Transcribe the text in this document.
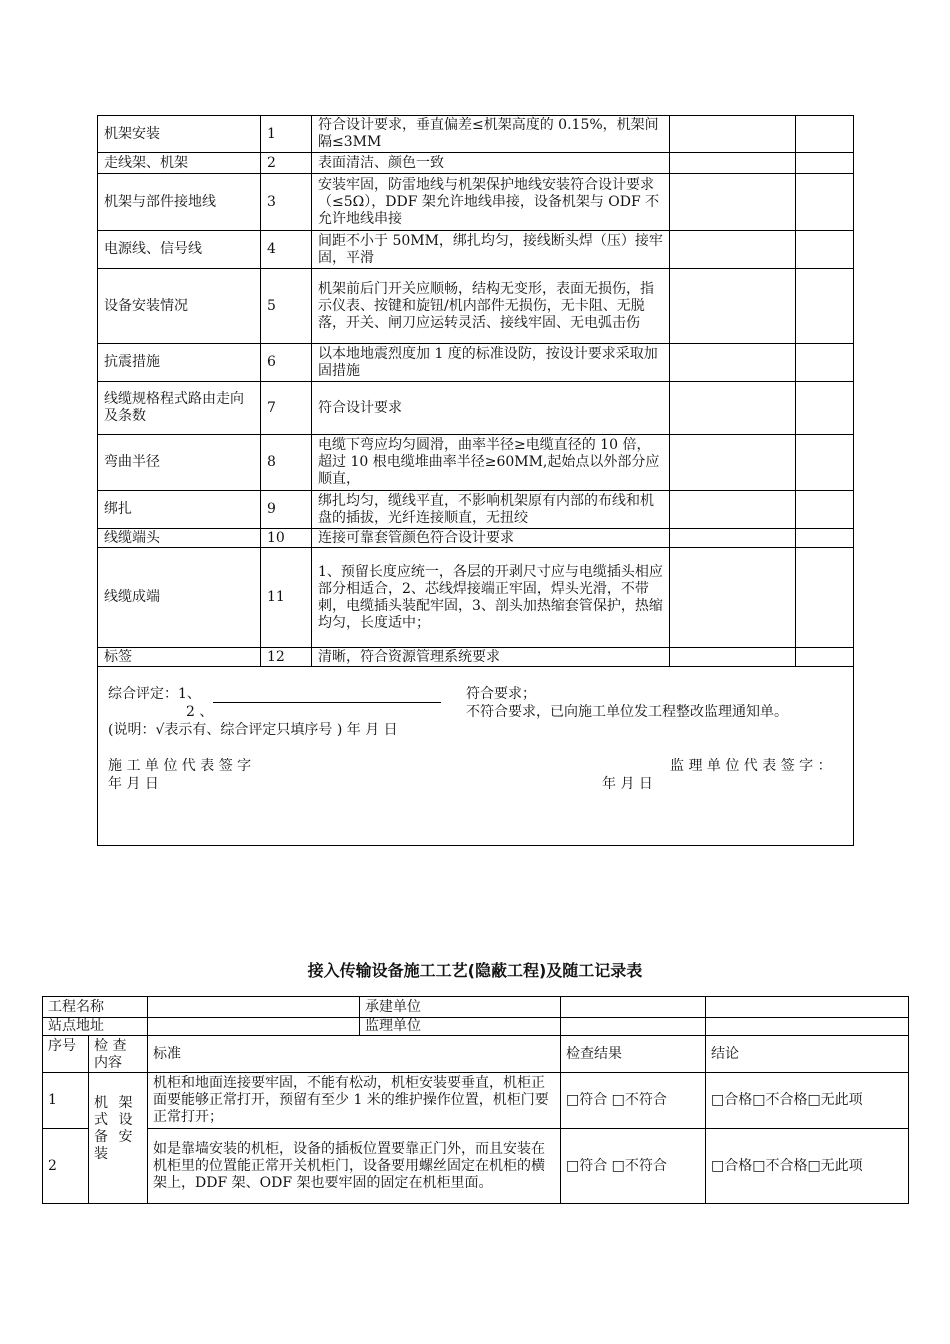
机架安装	1	符合设计要求，垂直偏差≤机架高度的 0.15%，机架间隔≤3MM		
走线架、机架	2	表面清洁、颜色一致		
机架与部件接地线	3	安装牢固，防雷地线与机架保护地线安装符合设计要求（≤5Ω），DDF 架允许地线串接，设备机架与 ODF 不允许地线串接		
电源线、信号线	4	间距不小于 50MM，绑扎均匀，接线断头焊（压）接牢固，平滑		
设备安装情况	5	机架前后门开关应顺畅，结构无变形，表面无损伤，指示仪表、按键和旋钮/机内部件无损伤，无卡阻、无脱落，开关、闸刀应运转灵活、接线牢固、无电弧击伤		
抗震措施	6	以本地地震烈度加 1 度的标准设防，按设计要求采取加固措施		
线缆规格程式路由走向及条数	7	符合设计要求		
弯曲半径	8	电缆下弯应均匀圆滑，曲率半径≥电缆直径的 10 倍，超过 10 根电缆堆曲率半径≥60MM,起始点以外部分应顺直，		
绑扎	9	绑扎均匀，缆线平直，不影响机架原有内部的布线和机盘的插拔，光纤连接顺直，无扭绞		
线缆端头	10	连接可靠套管颜色符合设计要求		
线缆成端	11	1、预留长度应统一，各层的开剥尺寸应与电缆插头相应部分相适合，2、芯线焊接端正牢固，焊头光滑，不带刺，电缆插头装配牢固，3、剖头加热缩套管保护，热缩均匀，长度适中；		
标签	12	清晰，符合资源管理系统要求		
综合评定：1、	符合要求；
2 、	不符合要求，已向施工单位发工程整改监理通知单。
(说明：√表示有、综合评定只填序号 ) 年 月 日
施 工 单 位 代 表 签 字	监 理 单 位 代 表 签 字 ：
年 月 日	年 月 日
接入传输设备施工工艺(隐蔽工程)及随工记录表
工程名称			承建单位		
站点地址			监理单位		
序号	检 查 内容	标准		检查结果	结论
1	机 架 式 设 备 安 装	机柜和地面连接要牢固，不能有松动，机柜安装要垂直，机柜正面要能够正常打开，预留有至少 1 米的维护操作位置，机柜门要正常打开；		□符合 □不符合	□合格□不合格□无此项
2		如是靠墙安装的机柜，设备的插板位置要靠正门外，而且安装在机柜里的位置能正常开关机柜门，设备要用螺丝固定在机柜的横架上，DDF 架、ODF 架也要牢固的固定在机柜里面。		□符合 □不符合	□合格□不合格□无此项
